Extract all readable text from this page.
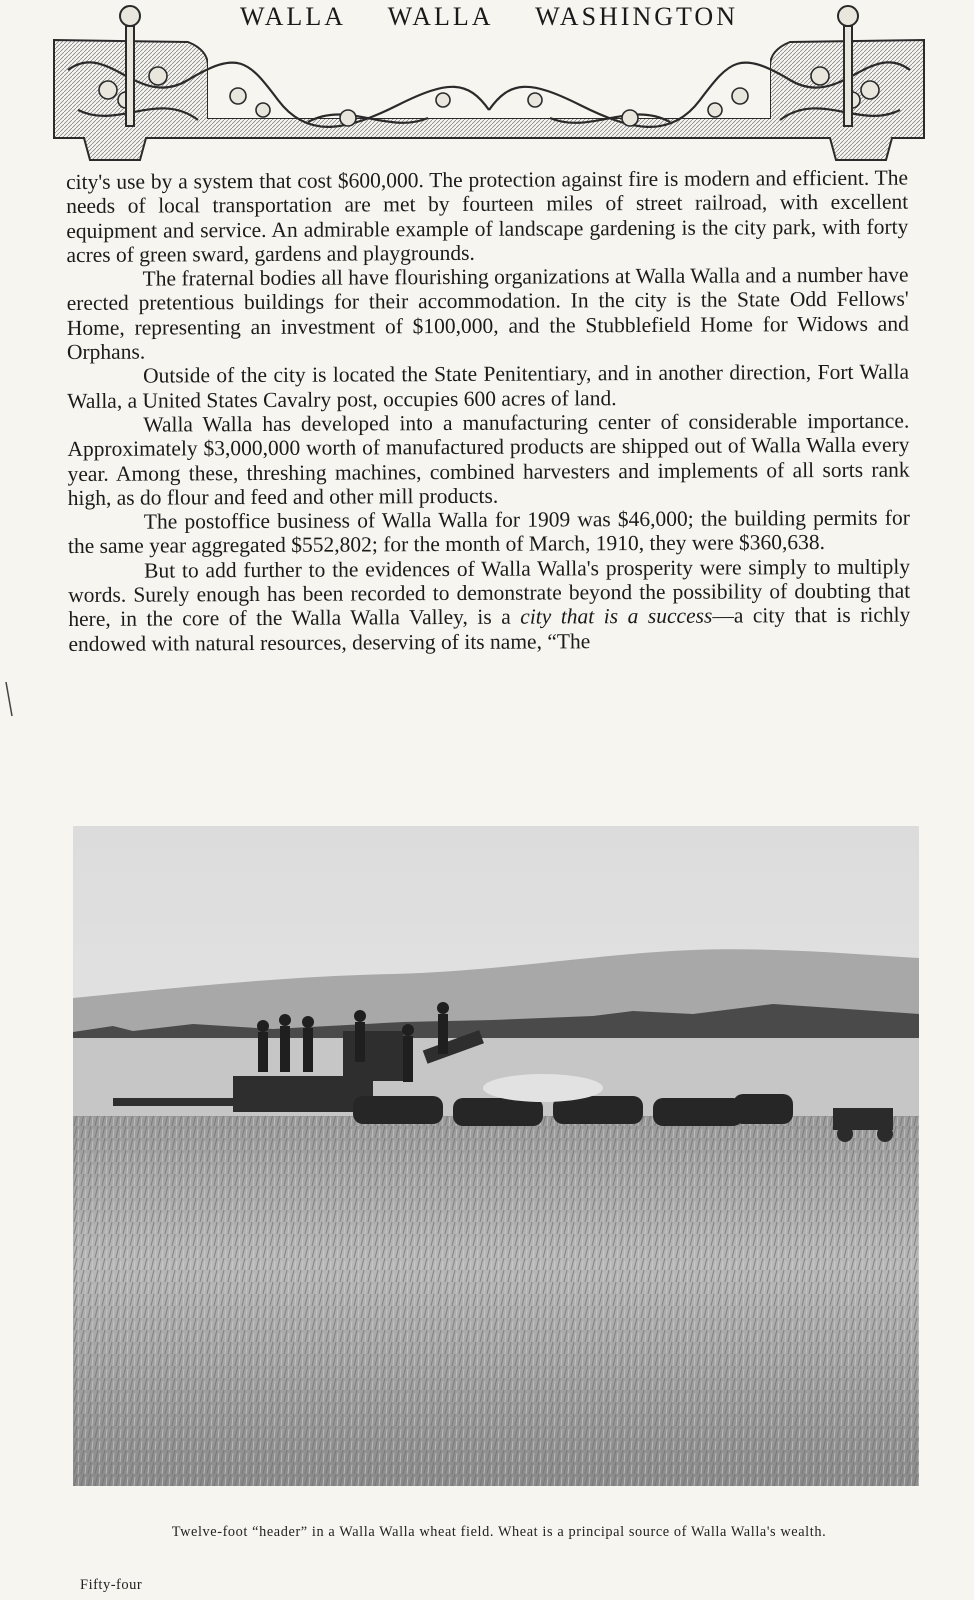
WALLA WALLA WASHINGTON

city's use by a system that cost $600,000. The protection against fire is modern and efficient. The needs of local transportation are met by fourteen miles of street railroad, with excellent equipment and service. An admirable example of landscape gardening is the city park, with forty acres of green sward, gardens and playgrounds.

The fraternal bodies all have flourishing organizations at Walla Walla and a number have erected pretentious buildings for their accommodation. In the city is the State Odd Fellows' Home, representing an investment of $100,000, and the Stubblefield Home for Widows and Orphans.

Outside of the city is located the State Penitentiary, and in another direction, Fort Walla Walla, a United States Cavalry post, occupies 600 acres of land.

Walla Walla has developed into a manufacturing center of considerable importance. Approximately $3,000,000 worth of manufactured products are shipped out of Walla Walla every year. Among these, threshing machines, combined harvesters and implements of all sorts rank high, as do flour and feed and other mill products.

The postoffice business of Walla Walla for 1909 was $46,000; the building permits for the same year aggregated $552,802; for the month of March, 1910, they were $360,638.

But to add further to the evidences of Walla Walla's prosperity were simply to multiply words. Surely enough has been recorded to demonstrate beyond the possibility of doubting that here, in the core of the Walla Walla Valley, is a city that is a success—a city that is richly endowed with natural resources, deserving of its name, “The

Twelve-foot “header” in a Walla Walla wheat field. Wheat is a principal source of Walla Walla's wealth.
Fifty-four
